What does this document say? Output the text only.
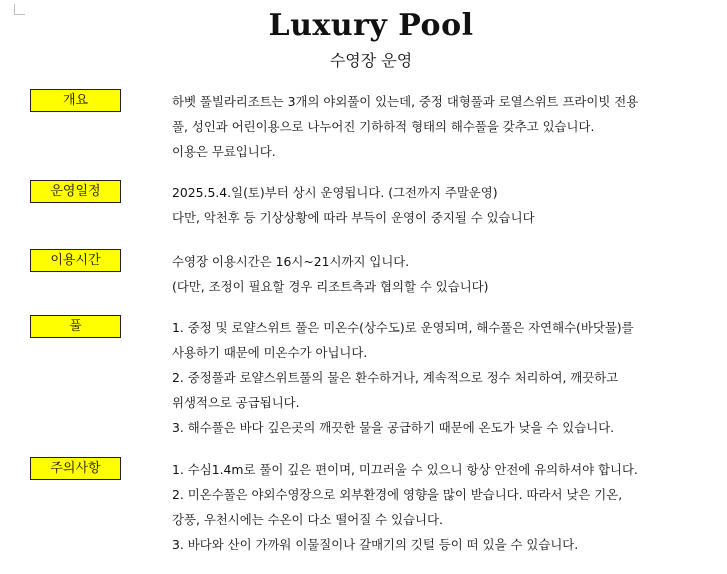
Luxury Pool
수영장 운영
개요	하벳 풀빌라리조트는 3개의 야외풀이 있는데, 중정 대형풀과 로열스위트 프라이빗 전용
풀, 성인과 어린이용으로 나누어진 기하하적 형태의 해수풀을 갖추고 있습니다.
이용은 무료입니다.
운영일정	2025.5.4.일(토)부터 상시 운영됩니다. (그전까지 주말운영)
다만, 악천후 등 기상상황에 따라 부득이 운영이 중지될 수 있습니다
이용시간	수영장 이용시간은 16시~21시까지 입니다.
(다만, 조정이 필요할 경우 리조트측과 협의할 수 있습니다)
풀	1. 중정 및 로얄스위트 풀은 미온수(상수도)로 운영되며, 해수풀은 자연해수(바닷물)를
사용하기 때문에 미온수가 아닙니다.
2. 중정풀과 로얄스위트풀의 물은 환수하거나, 계속적으로 정수 처리하여, 깨끗하고
위생적으로 공급됩니다.
3. 해수풀은 바다 깊은곳의 깨끗한 물을 공급하기 때문에 온도가 낮을 수 있습니다.
주의사항	1. 수심1.4m로 풀이 깊은 편이며, 미끄러울 수 있으니 항상 안전에 유의하셔야 합니다.
2. 미온수풀은 야외수영장으로 외부환경에 영향을 많이 받습니다. 따라서 낮은 기온,
강풍, 우천시에는 수온이 다소 떨어질 수 있습니다.
3. 바다와 산이 가까워 이물질이나 갈매기의 깃털 등이 떠 있을 수 있습니다.
